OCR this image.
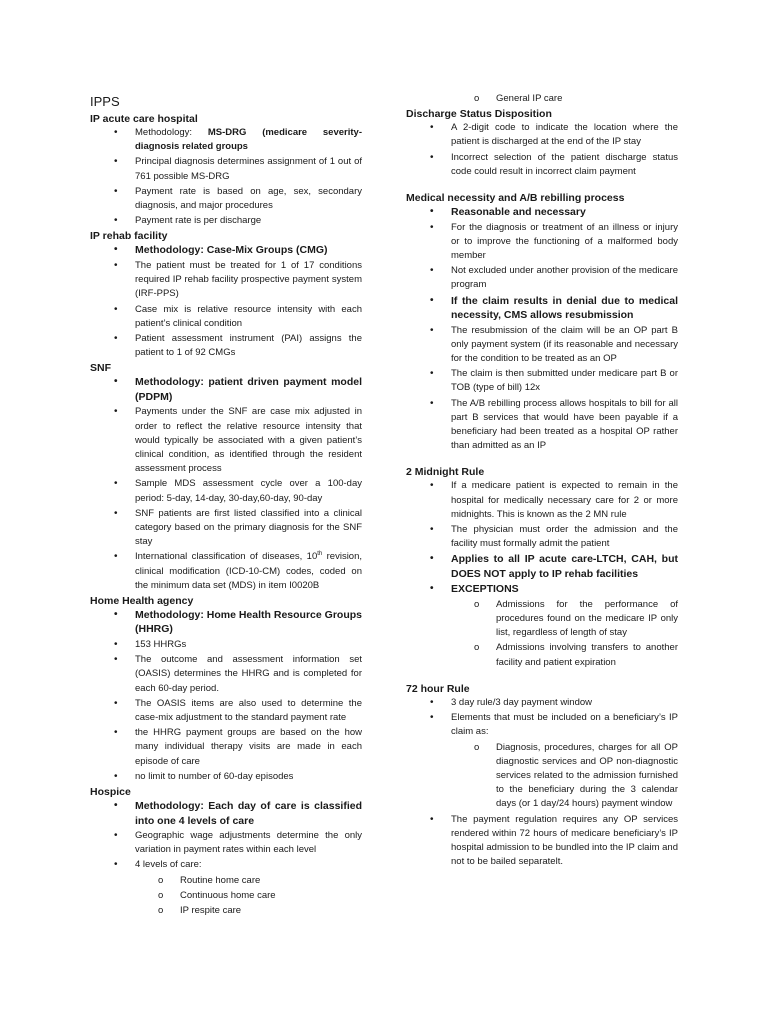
IPPS
IP acute care hospital
• Methodology: MS-DRG (medicare severity-diagnosis related groups
• Principal diagnosis determines assignment of 1 out of 761 possible MS-DRG
• Payment rate is based on age, sex, secondary diagnosis, and major procedures
• Payment rate is per discharge
IP rehab facility
• Methodology: Case-Mix Groups (CMG)
• The patient must be treated for 1 of 17 conditions required IP rehab facility prospective payment system (IRF-PPS)
• Case mix is relative resource intensity with each patient’s clinical condition
• Patient assessment instrument (PAI) assigns the patient to 1 of 92 CMGs
SNF
• Methodology: patient driven payment model (PDPM)
• Payments under the SNF are case mix adjusted in order to reflect the relative resource intensity that would typically be associated with a given patient’s clinical condition, as identified through the resident assessment process
• Sample MDS assessment cycle over a 100-day period: 5-day, 14-day, 30-day,60-day, 90-day
• SNF patients are first listed classified into a clinical category based on the primary diagnosis for the SNF stay
• International classification of diseases, 10th revision, clinical modification (ICD-10-CM) codes, coded on the minimum data set (MDS) in item I0020B
Home Health agency
• Methodology: Home Health Resource Groups (HHRG)
• 153 HHRGs
• The outcome and assessment information set (OASIS) determines the HHRG and is completed for each 60-day period.
• The OASIS items are also used to determine the case-mix adjustment to the standard payment rate
• the HHRG payment groups are based on the how many individual therapy visits are made in each episode of care
• no limit to number of 60-day episodes
Hospice
• Methodology: Each day of care is classified into one 4 levels of care
• Geographic wage adjustments determine the only variation in payment rates within each level
• 4 levels of care:
o Routine home care
o Continuous home care
o IP respite care
o General IP care
Discharge Status Disposition
• A 2-digit code to indicate the location where the patient is discharged at the end of the IP stay
• Incorrect selection of the patient discharge status code could result in incorrect claim payment
Medical necessity and A/B rebilling process
• Reasonable and necessary
• For the diagnosis or treatment of an illness or injury or to improve the functioning of a malformed body member
• Not excluded under another provision of the medicare program
• If the claim results in denial due to medical necessity, CMS allows resubmission
• The resubmission of the claim will be an OP part B only payment system (if its reasonable and necessary for the condition to be treated as an OP
• The claim is then submitted under medicare part B or TOB (type of bill) 12x
• The A/B rebilling process allows hospitals to bill for all part B services that would have been payable if a beneficiary had been treated as a hospital OP rather than admitted as an IP
2 Midnight Rule
• If a medicare patient is expected to remain in the hospital for medically necessary care for 2 or more midnights. This is known as the 2 MN rule
• The physician must order the admission and the facility must formally admit the patient
• Applies to all IP acute care-LTCH, CAH, but DOES NOT apply to IP rehab facilities
• EXCEPTIONS
o Admissions for the performance of procedures found on the medicare IP only list, regardless of length of stay
o Admissions involving transfers to another facility and patient expiration
72 hour Rule
• 3 day rule/3 day payment window
• Elements that must be included on a beneficiary’s IP claim as:
o Diagnosis, procedures, charges for all OP diagnostic services and OP non-diagnostic services related to the admission furnished to the beneficiary during the 3 calendar days (or 1 day/24 hours) payment window
• The payment regulation requires any OP services rendered within 72 hours of medicare beneficiary’s IP hospital admission to be bundled into the IP claim and not to be bailed separatelt.
